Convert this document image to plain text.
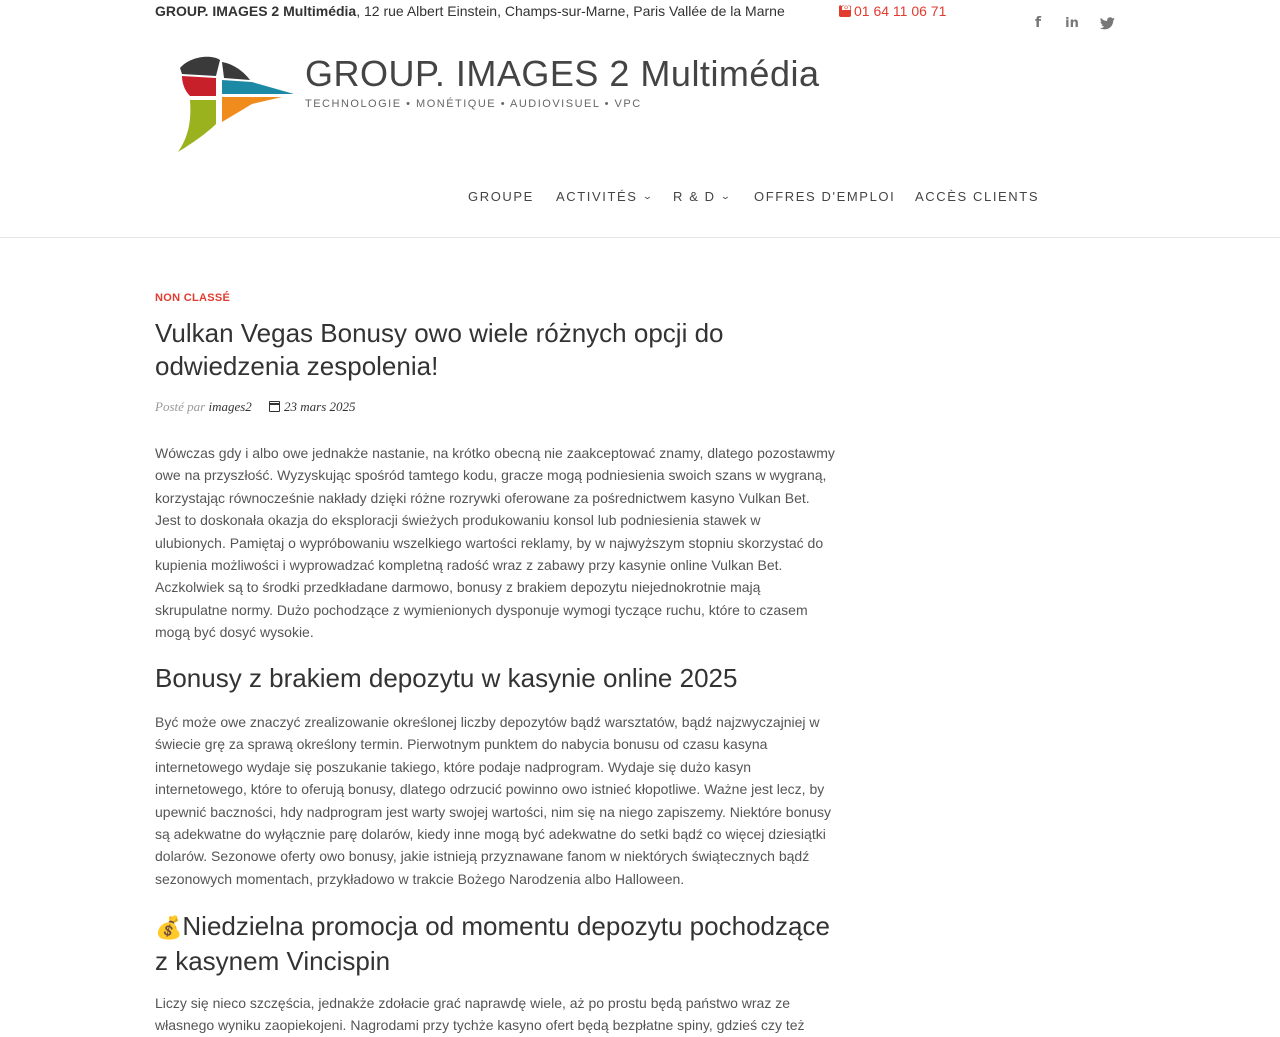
GROUP. IMAGES 2 Multimédia, 12 rue Albert Einstein, Champs-sur-Marne, Paris Vallée de la Marne
☎	01 64 11 06 71
f	in
GROUP. IMAGES 2 Multimédia
TECHNOLOGIE • MONÉTIQUE • AUDIOVISUEL • VPC
GROUPE ACTIVITÉS ⌄ R & D ⌄ OFFRES D'EMPLOI ACCÈS CLIENTS
NON CLASSÉ
Vulkan Vegas Bonusy owo wiele różnych opcji do odwiedzenia zespolenia!
Posté par images2 23 mars 2025

Wówczas gdy i albo owe jednakże nastanie, na krótko obecną nie zaakceptować znamy, dlatego pozostawmy owe na przyszłość. Wyzyskując spośród tamtego kodu, gracze mogą podniesienia swoich szans w wygraną, korzystając równocześnie nakłady dzięki różne rozrywki oferowane za pośrednictwem kasyno Vulkan Bet. Jest to doskonała okazja do eksploracji świeżych produkowaniu konsol lub podniesienia stawek w ulubionych. Pamiętaj o wypróbowaniu wszelkiego wartości reklamy, by w najwyższym stopniu skorzystać do kupienia możliwości i wyprowadzać kompletną radość wraz z zabawy przy kasynie online Vulkan Bet. Aczkolwiek są to środki przedkładane darmowo, bonusy z brakiem depozytu niejednokrotnie mają skrupulatne normy. Dużo pochodzące z wymienionych dysponuje wymogi tyczące ruchu, które to czasem mogą być dosyć wysokie.

Bonusy z brakiem depozytu w kasynie online 2025

Być może owe znaczyć zrealizowanie określonej liczby depozytów bądź warsztatów, bądź najzwyczajniej w świecie grę za sprawą określony termin. Pierwotnym punktem do nabycia bonusu od czasu kasyna internetowego wydaje się poszukanie takiego, które podaje nadprogram. Wydaje się dużo kasyn internetowego, które to oferują bonusy, dlatego odrzucić powinno owo istnieć kłopotliwe. Ważne jest lecz, by upewnić baczności, hdy nadprogram jest warty swojej wartości, nim się na niego zapiszemy. Niektóre bonusy są adekwatne do wyłącznie parę dolarów, kiedy inne mogą być adekwatne do setki bądź co więcej dziesiątki dolarów. Sezonowe oferty owo bonusy, jakie istnieją przyznawane fanom w niektórych świątecznych bądź sezonowych momentach, przykładowo w trakcie Bożego Narodzenia albo Halloween.

💰Niedzielna promocja od momentu depozytu pochodzące z kasynem Vincispin

Liczy się nieco szczęścia, jednakże zdołacie grać naprawdę wiele, aż po prostu będą państwo wraz ze własnego wyniku zaopiekojeni. Nagrodami przy tychże kasyno ofert będą bezpłatne spiny, gdzieś czy też
